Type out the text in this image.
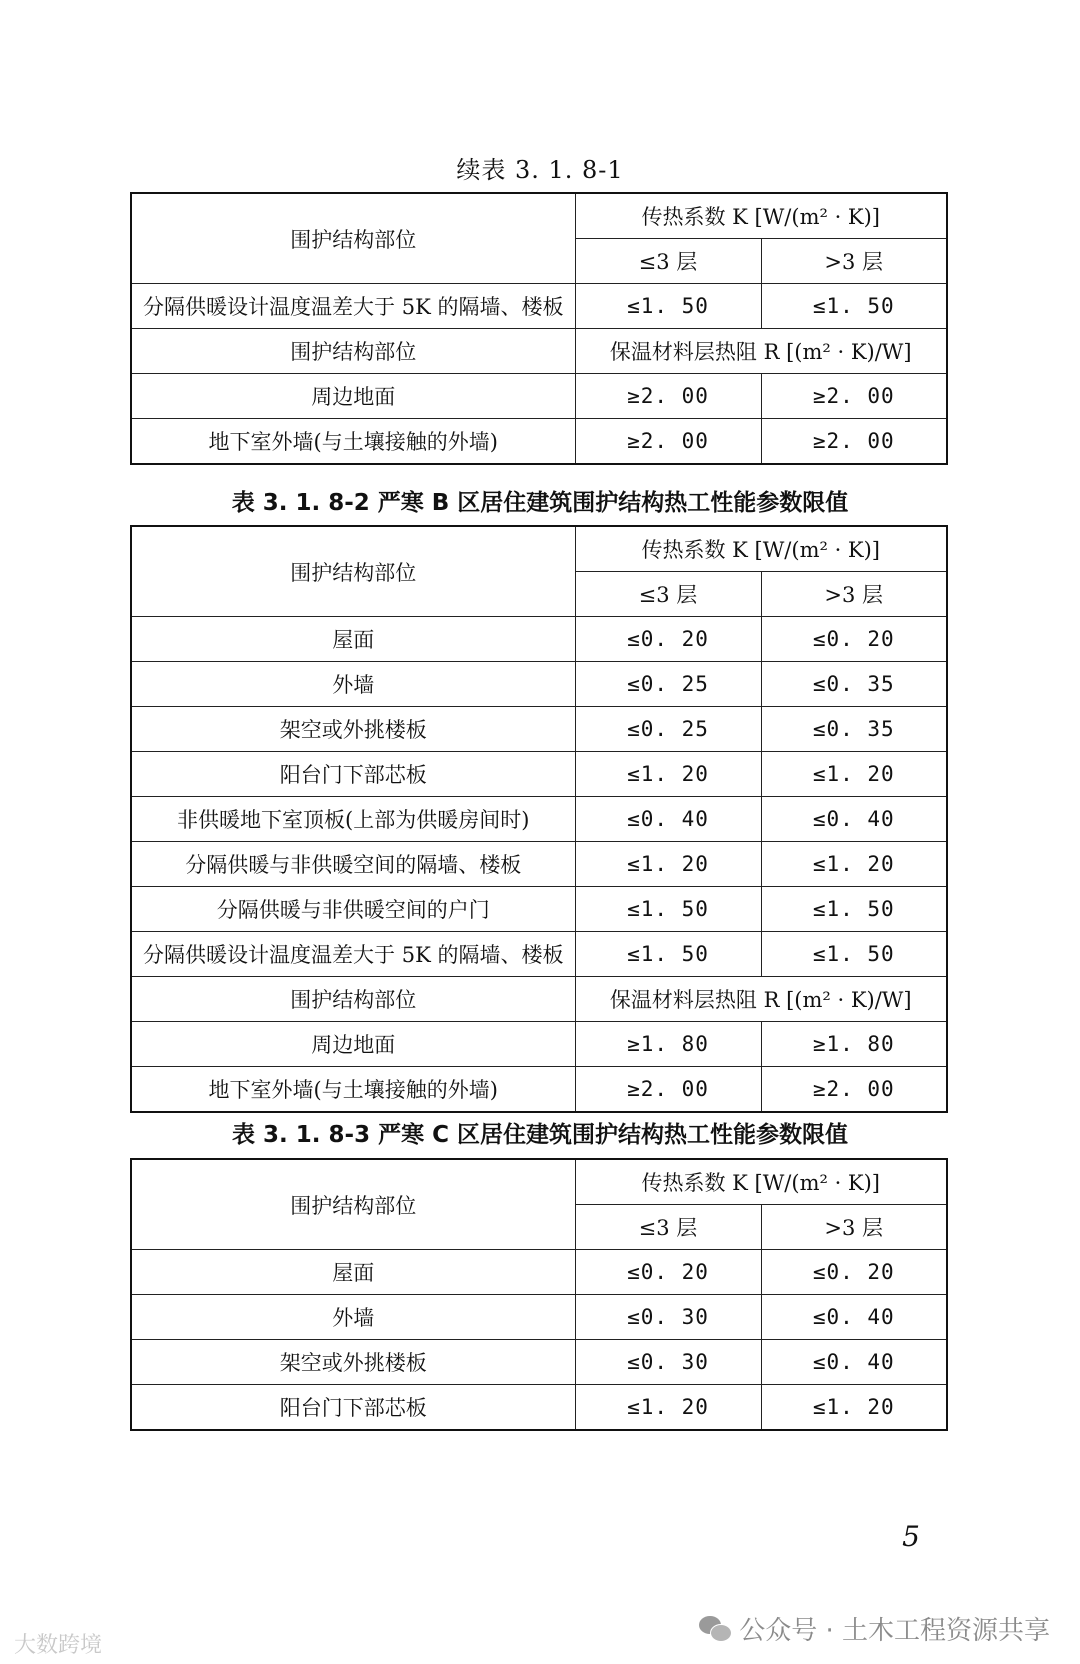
续表 3. 1. 8-1
围护结构部位	传热系数 K [W/(m² · K)]	
	≤3 层	>3 层
分隔供暖设计温度温差大于 5K 的隔墙、楼板	≤1. 50	≤1. 50
围护结构部位	保温材料层热阻 R [(m² · K)/W]	
周边地面	≥2. 00	≥2. 00
地下室外墙(与土壤接触的外墙)	≥2. 00	≥2. 00
表 3. 1. 8-2 严寒 B 区居住建筑围护结构热工性能参数限值
围护结构部位	传热系数 K [W/(m² · K)]	
	≤3 层	>3 层
屋面	≤0. 20	≤0. 20
外墙	≤0. 25	≤0. 35
架空或外挑楼板	≤0. 25	≤0. 35
阳台门下部芯板	≤1. 20	≤1. 20
非供暖地下室顶板(上部为供暖房间时)	≤0. 40	≤0. 40
分隔供暖与非供暖空间的隔墙、楼板	≤1. 20	≤1. 20
分隔供暖与非供暖空间的户门	≤1. 50	≤1. 50
分隔供暖设计温度温差大于 5K 的隔墙、楼板	≤1. 50	≤1. 50
围护结构部位	保温材料层热阻 R [(m² · K)/W]	
周边地面	≥1. 80	≥1. 80
地下室外墙(与土壤接触的外墙)	≥2. 00	≥2. 00
表 3. 1. 8-3 严寒 C 区居住建筑围护结构热工性能参数限值
围护结构部位	传热系数 K [W/(m² · K)]	
	≤3 层	>3 层
屋面	≤0. 20	≤0. 20
外墙	≤0. 30	≤0. 40
架空或外挑楼板	≤0. 30	≤0. 40
阳台门下部芯板	≤1. 20	≤1. 20
5
大数跨境	公众号 · 土木工程资源共享
